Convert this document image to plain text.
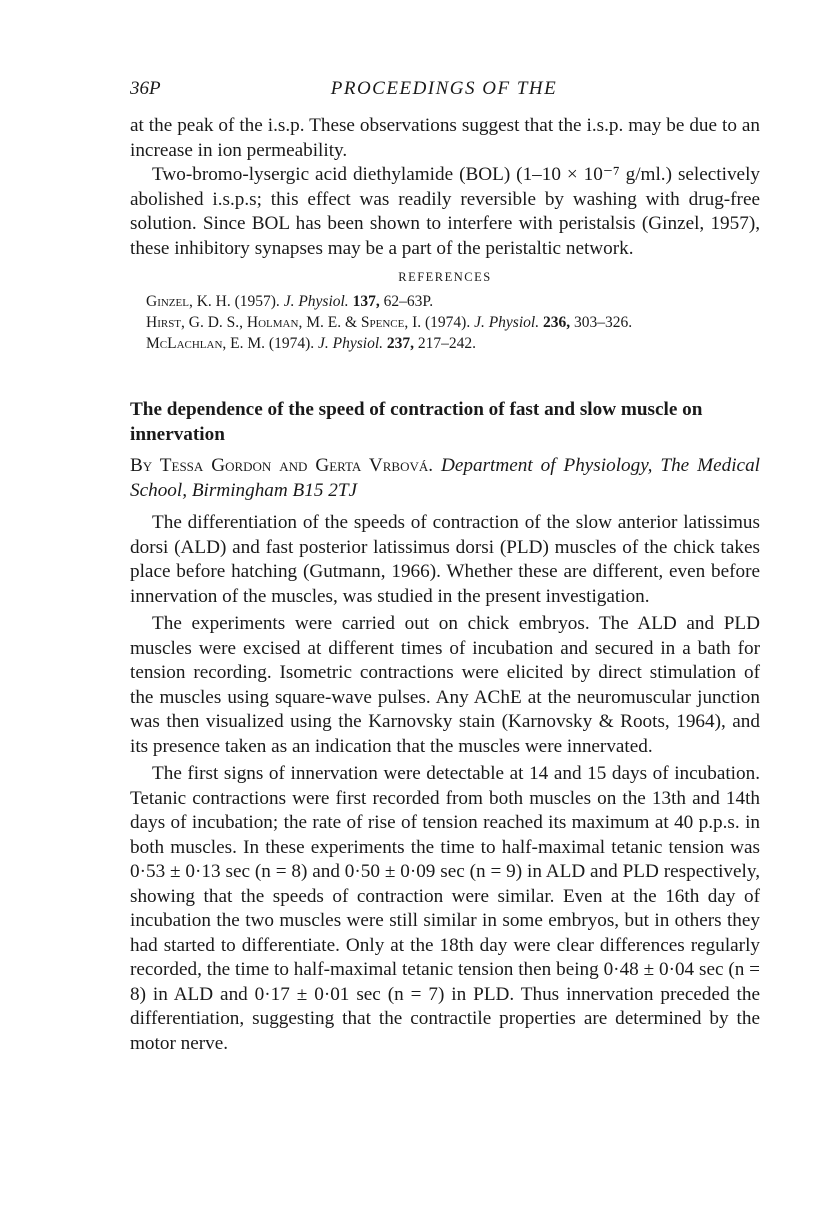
36P	PROCEEDINGS OF THE

at the peak of the i.s.p. These observations suggest that the i.s.p. may be due to an increase in ion permeability.

Two-bromo-lysergic acid diethylamide (BOL) (1–10 × 10⁻⁷ g/ml.) selectively abolished i.s.p.s; this effect was readily reversible by washing with drug-free solution. Since BOL has been shown to interfere with peristalsis (Ginzel, 1957), these inhibitory synapses may be a part of the peristaltic network.

REFERENCES
Ginzel, K. H. (1957). J. Physiol. 137, 62–63P.
Hirst, G. D. S., Holman, M. E. & Spence, I. (1974). J. Physiol. 236, 303–326.
McLachlan, E. M. (1974). J. Physiol. 237, 217–242.
The dependence of the speed of contraction of fast and slow muscle on innervation

By Tessa Gordon and Gerta Vrbová. Department of Physiology, The Medical School, Birmingham B15 2TJ

The differentiation of the speeds of contraction of the slow anterior latissimus dorsi (ALD) and fast posterior latissimus dorsi (PLD) muscles of the chick takes place before hatching (Gutmann, 1966). Whether these are different, even before innervation of the muscles, was studied in the present investigation.

The experiments were carried out on chick embryos. The ALD and PLD muscles were excised at different times of incubation and secured in a bath for tension recording. Isometric contractions were elicited by direct stimulation of the muscles using square-wave pulses. Any AChE at the neuromuscular junction was then visualized using the Karnovsky stain (Karnovsky & Roots, 1964), and its presence taken as an indication that the muscles were innervated.

The first signs of innervation were detectable at 14 and 15 days of incubation. Tetanic contractions were first recorded from both muscles on the 13th and 14th days of incubation; the rate of rise of tension reached its maximum at 40 p.p.s. in both muscles. In these experiments the time to half-maximal tetanic tension was 0·53 ± 0·13 sec (n = 8) and 0·50 ± 0·09 sec (n = 9) in ALD and PLD respectively, showing that the speeds of contraction were similar. Even at the 16th day of incubation the two muscles were still similar in some embryos, but in others they had started to differentiate. Only at the 18th day were clear differences regularly recorded, the time to half-maximal tetanic tension then being 0·48 ± 0·04 sec (n = 8) in ALD and 0·17 ± 0·01 sec (n = 7) in PLD. Thus innervation preceded the differentiation, suggesting that the contractile properties are determined by the motor nerve.
